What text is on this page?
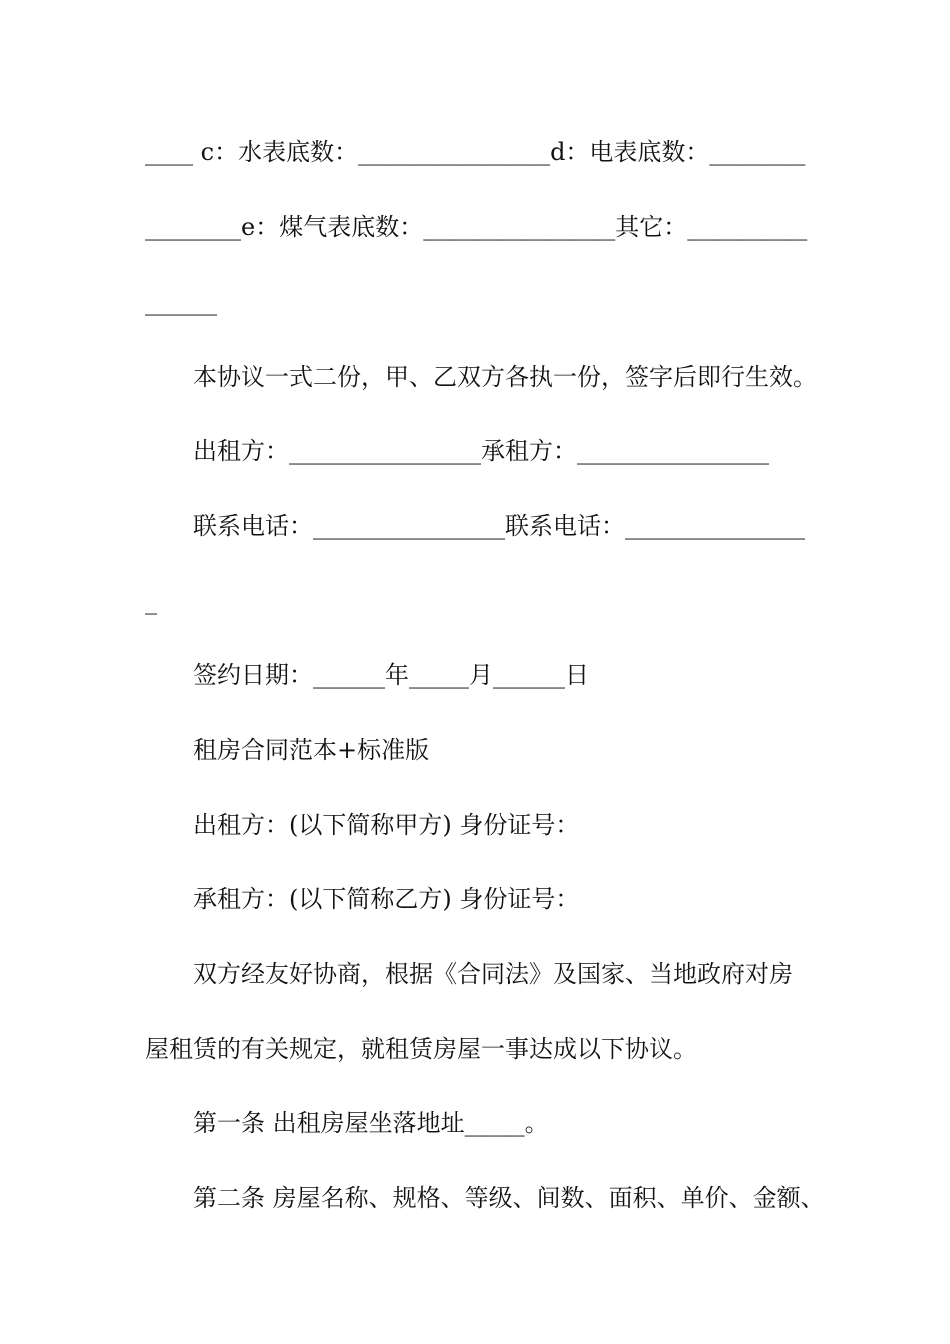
____ c：水表底数：________________d：电表底数：________
________e：煤气表底数：________________其它：__________
______
本协议一式二份，甲、乙双方各执一份，签字后即行生效。
出租方：________________承租方：________________
联系电话：________________联系电话：_______________
_
签约日期：______年_____月______日
租房合同范本+标准版
出租方：(以下简称甲方) 身份证号：
承租方：(以下简称乙方) 身份证号：
双方经友好协商，根据《合同法》及国家、当地政府对房
屋租赁的有关规定，就租赁房屋一事达成以下协议。
第一条 出租房屋坐落地址_____。
第二条 房屋名称、规格、等级、间数、面积、单价、金额、
